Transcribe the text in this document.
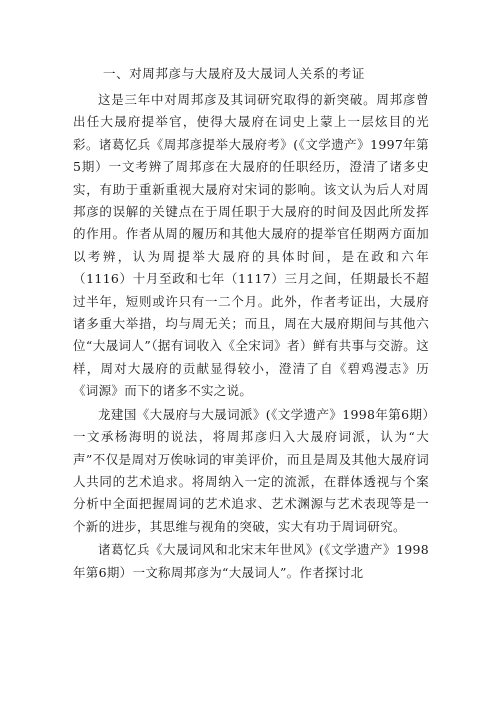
一、对周邦彦与大晟府及大晟词人关系的考证

这是三年中对周邦彦及其词研究取得的新突破。周邦彦曾出任大晟府提举官，使得大晟府在词史上蒙上一层炫目的光彩。诸葛忆兵《周邦彦提举大晟府考》(《文学遗产》1997年第5期）一文考辨了周邦彦在大晟府的任职经历，澄清了诸多史实，有助于重新重视大晟府对宋词的影响。该文认为后人对周邦彦的误解的关键点在于周任职于大晟府的时间及因此所发挥的作用。作者从周的履历和其他大晟府的提举官任期两方面加以考辨，认为周提举大晟府的具体时间，是在政和六年（1116）十月至政和七年（1117）三月之间，任期最长不超过半年，短则或许只有一二个月。此外，作者考证出，大晟府诸多重大举措，均与周无关；而且，周在大晟府期间与其他六位“大晟词人”（据有词收入《全宋词》者）鲜有共事与交游。这样，周对大晟府的贡献显得较小，澄清了自《碧鸡漫志》历《词源》而下的诸多不实之说。

龙建国《大晟府与大晟词派》(《文学遗产》1998年第6期）一文承杨海明的说法，将周邦彦归入大晟府词派，认为“大声”不仅是周对万俟咏词的审美评价，而且是周及其他大晟府词人共同的艺术追求。将周纳入一定的流派，在群体透视与个案分析中全面把握周词的艺术追求、艺术渊源与艺术表现等是一个新的进步，其思维与视角的突破，实大有功于周词研究。

诸葛忆兵《大晟词风和北宋末年世风》(《文学遗产》1998年第6期）一文称周邦彦为“大晟词人”。作者探讨北
